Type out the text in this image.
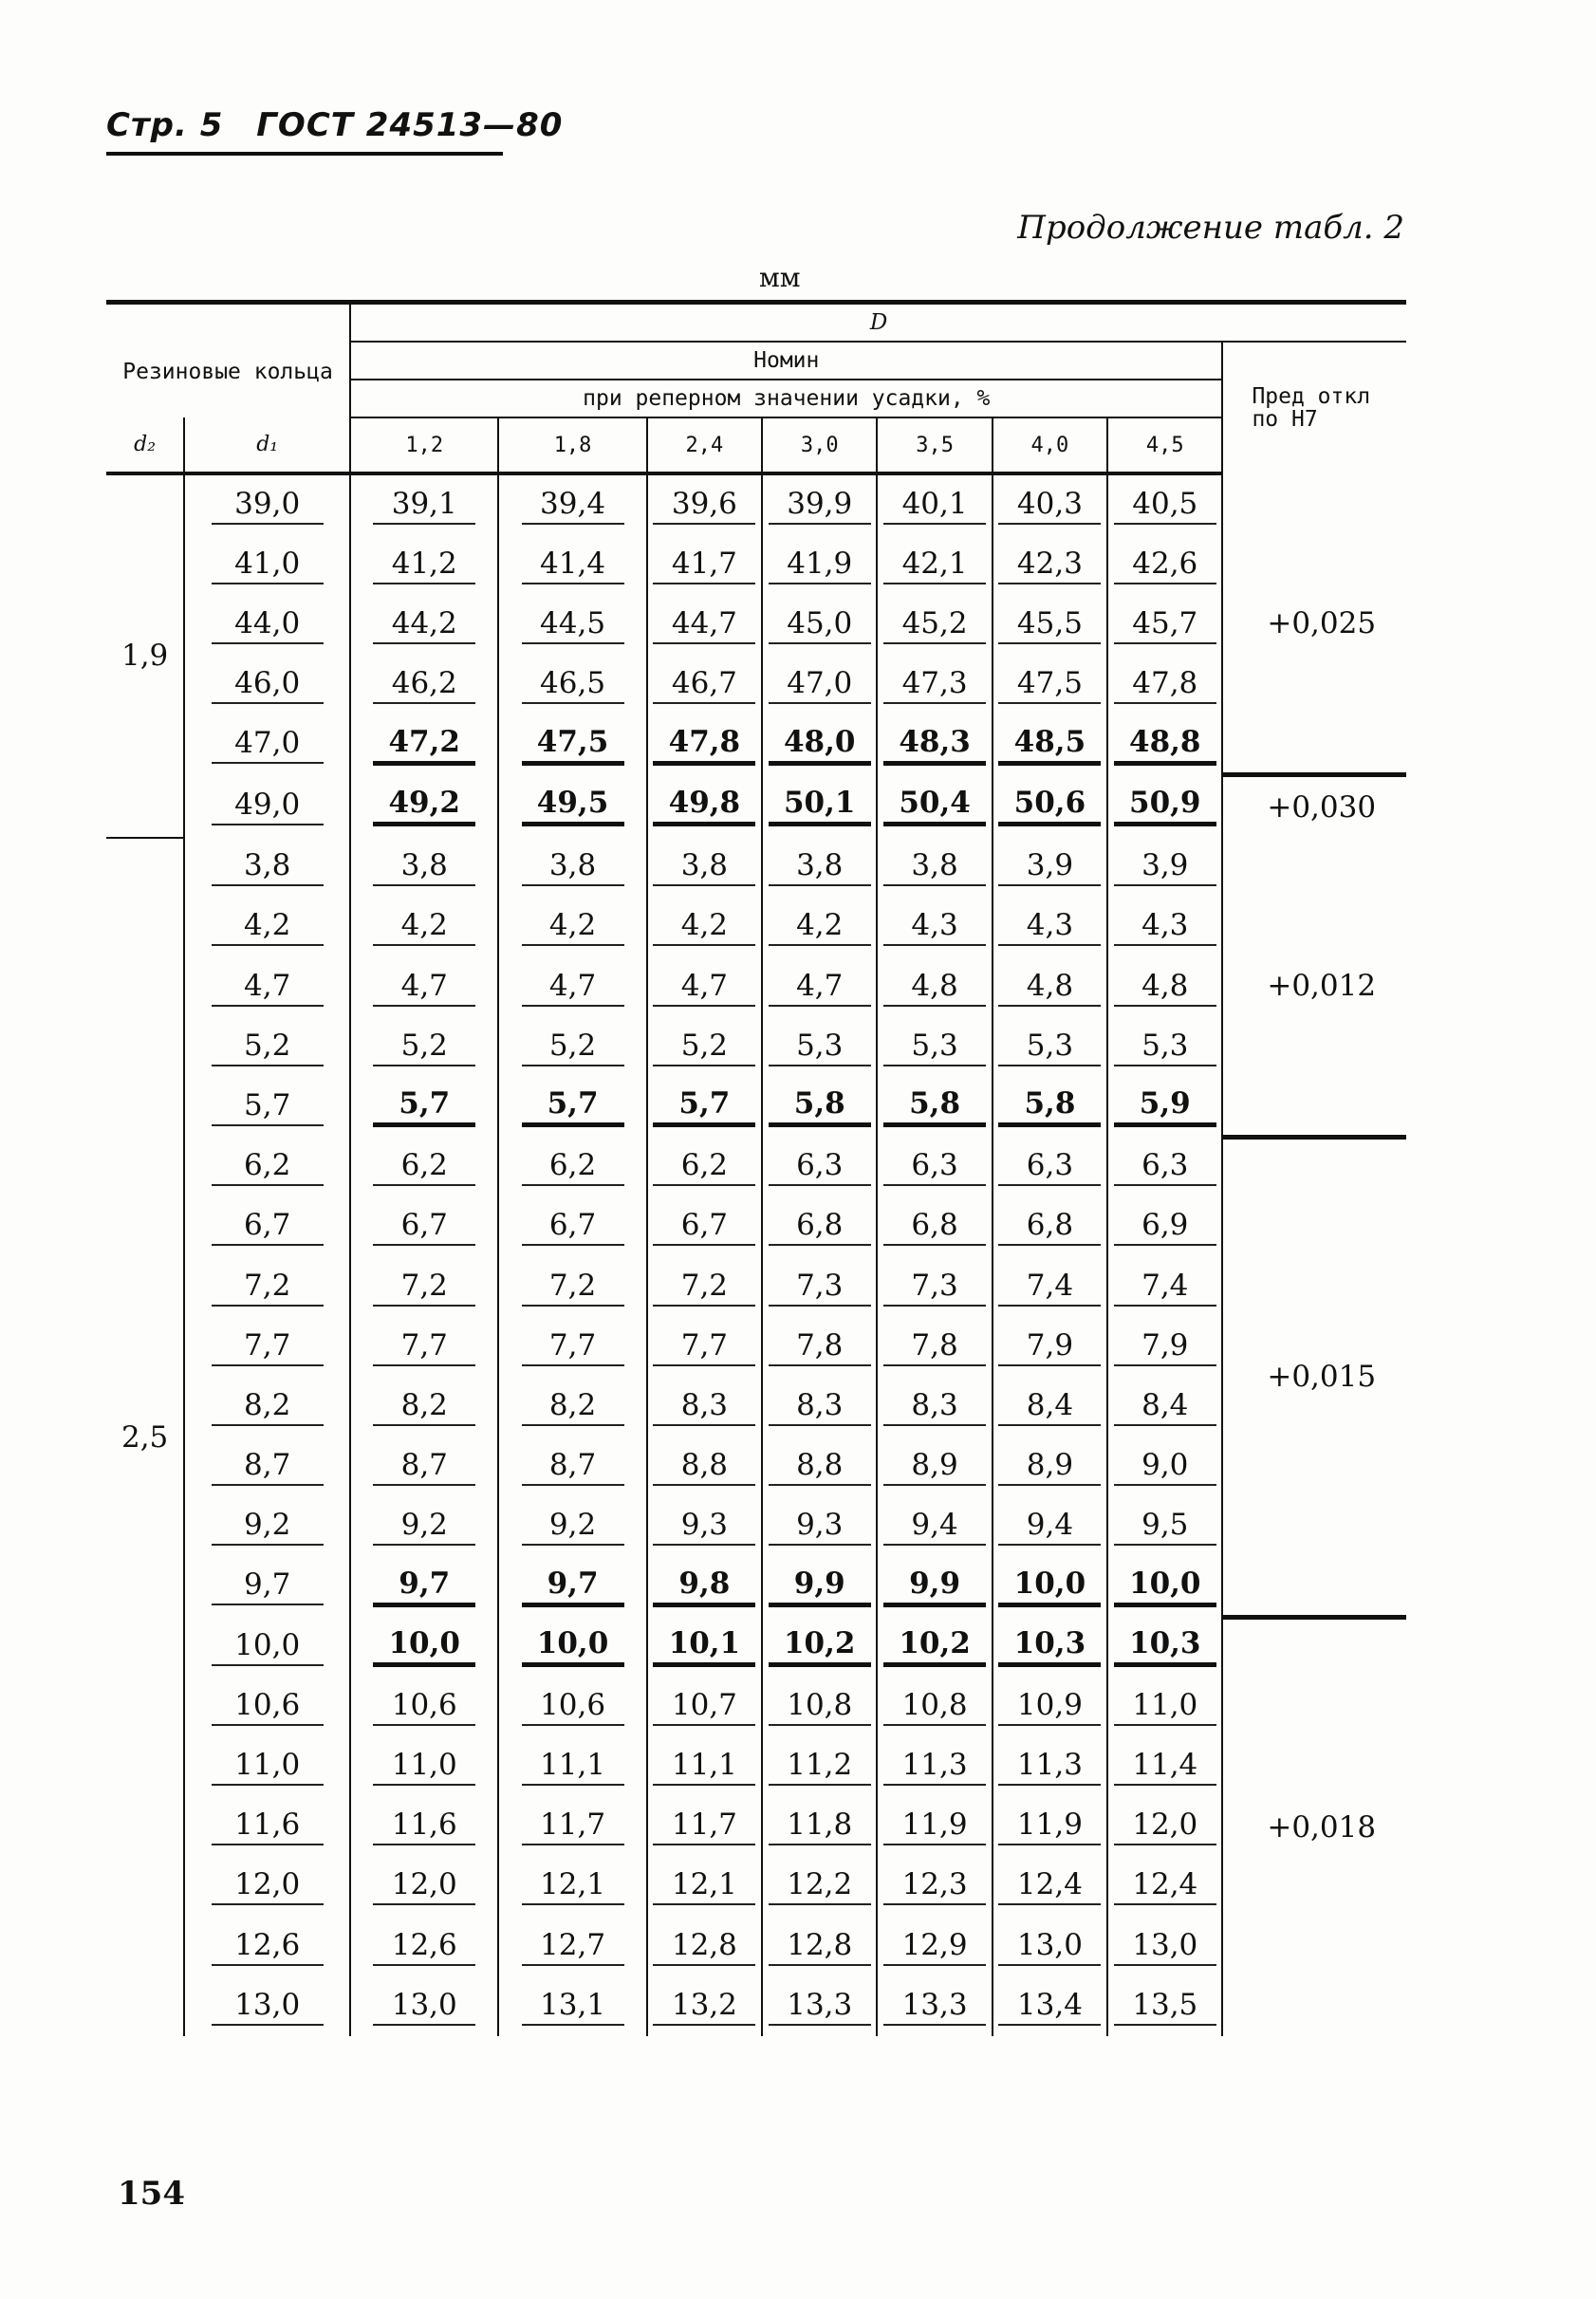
Стр. 5 ГОСТ 24513—80
Продолжение табл. 2
мм
Резиновые кольца		D							
		Номин							Пред откл по H7
		при реперном значении усадки, %							
d₂	d₁	1,2	1,8	2,4	3,0	3,5	4,0	4,5	
1,9	39,0	39,1	39,4	39,6	39,9	40,1	40,3	40,5	+0,025
	41,0	41,2	41,4	41,7	41,9	42,1	42,3	42,6	
	44,0	44,2	44,5	44,7	45,0	45,2	45,5	45,7	
	46,0	46,2	46,5	46,7	47,0	47,3	47,5	47,8	
	47,0	47,2	47,5	47,8	48,0	48,3	48,5	48,8	
	49,0	49,2	49,5	49,8	50,1	50,4	50,6	50,9	+0,030
2,5	3,8	3,8	3,8	3,8	3,8	3,8	3,9	3,9	+0,012
	4,2	4,2	4,2	4,2	4,2	4,3	4,3	4,3	
	4,7	4,7	4,7	4,7	4,7	4,8	4,8	4,8	
	5,2	5,2	5,2	5,2	5,3	5,3	5,3	5,3	
	5,7	5,7	5,7	5,7	5,8	5,8	5,8	5,9	
	6,2	6,2	6,2	6,2	6,3	6,3	6,3	6,3	+0,015
	6,7	6,7	6,7	6,7	6,8	6,8	6,8	6,9	
	7,2	7,2	7,2	7,2	7,3	7,3	7,4	7,4	
	7,7	7,7	7,7	7,7	7,8	7,8	7,9	7,9	
	8,2	8,2	8,2	8,3	8,3	8,3	8,4	8,4	
	8,7	8,7	8,7	8,8	8,8	8,9	8,9	9,0	
	9,2	9,2	9,2	9,3	9,3	9,4	9,4	9,5	
	9,7	9,7	9,7	9,8	9,9	9,9	10,0	10,0	
	10,0	10,0	10,0	10,1	10,2	10,2	10,3	10,3	+0,018
	10,6	10,6	10,6	10,7	10,8	10,8	10,9	11,0	
	11,0	11,0	11,1	11,1	11,2	11,3	11,3	11,4	
	11,6	11,6	11,7	11,7	11,8	11,9	11,9	12,0	
	12,0	12,0	12,1	12,1	12,2	12,3	12,4	12,4	
	12,6	12,6	12,7	12,8	12,8	12,9	13,0	13,0	
	13,0	13,0	13,1	13,2	13,3	13,3	13,4	13,5	
154
